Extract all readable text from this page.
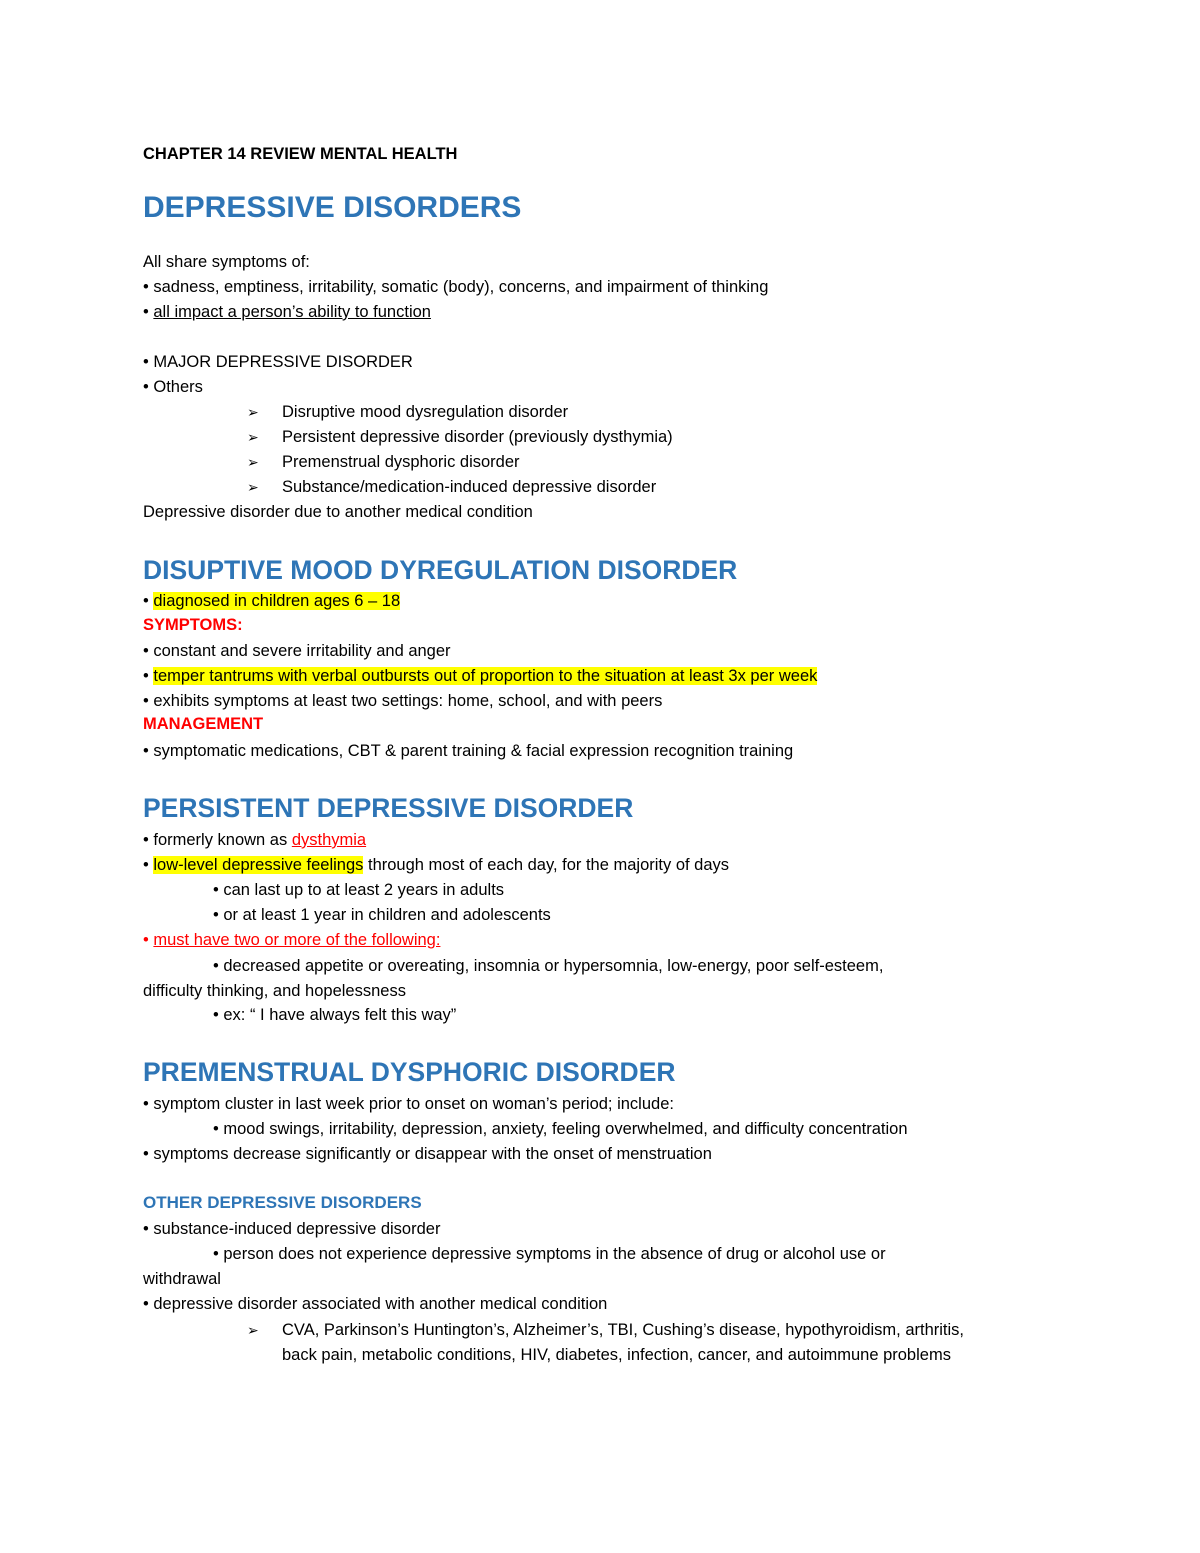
CHAPTER 14 REVIEW MENTAL HEALTH
DEPRESSIVE DISORDERS
All share symptoms of:
• sadness, emptiness, irritability, somatic (body), concerns, and impairment of thinking
• all impact a person’s ability to function
• MAJOR DEPRESSIVE DISORDER
• Others
➢ Disruptive mood dysregulation disorder
➢ Persistent depressive disorder (previously dysthymia)
➢ Premenstrual dysphoric disorder
➢ Substance/medication-induced depressive disorder
Depressive disorder due to another medical condition
DISUPTIVE MOOD DYREGULATION DISORDER
• diagnosed in children ages 6 – 18
SYMPTOMS:
• constant and severe irritability and anger
• temper tantrums with verbal outbursts out of proportion to the situation at least 3x per week
• exhibits symptoms at least two settings: home, school, and with peers
MANAGEMENT
• symptomatic medications, CBT & parent training & facial expression recognition training
PERSISTENT DEPRESSIVE DISORDER
• formerly known as dysthymia
• low-level depressive feelings through most of each day, for the majority of days
• can last up to at least 2 years in adults
• or at least 1 year in children and adolescents
• must have two or more of the following:
• decreased appetite or overeating, insomnia or hypersomnia, low-energy, poor self-esteem,
difficulty thinking, and hopelessness
• ex: “ I have always felt this way”
PREMENSTRUAL DYSPHORIC DISORDER
• symptom cluster in last week prior to onset on woman’s period; include:
• mood swings, irritability, depression, anxiety, feeling overwhelmed, and difficulty concentration
• symptoms decrease significantly or disappear with the onset of menstruation
OTHER DEPRESSIVE DISORDERS
• substance-induced depressive disorder
• person does not experience depressive symptoms in the absence of drug or alcohol use or
withdrawal
• depressive disorder associated with another medical condition
➢ CVA, Parkinson’s Huntington’s, Alzheimer’s, TBI, Cushing’s disease, hypothyroidism, arthritis,
back pain, metabolic conditions, HIV, diabetes, infection, cancer, and autoimmune problems
